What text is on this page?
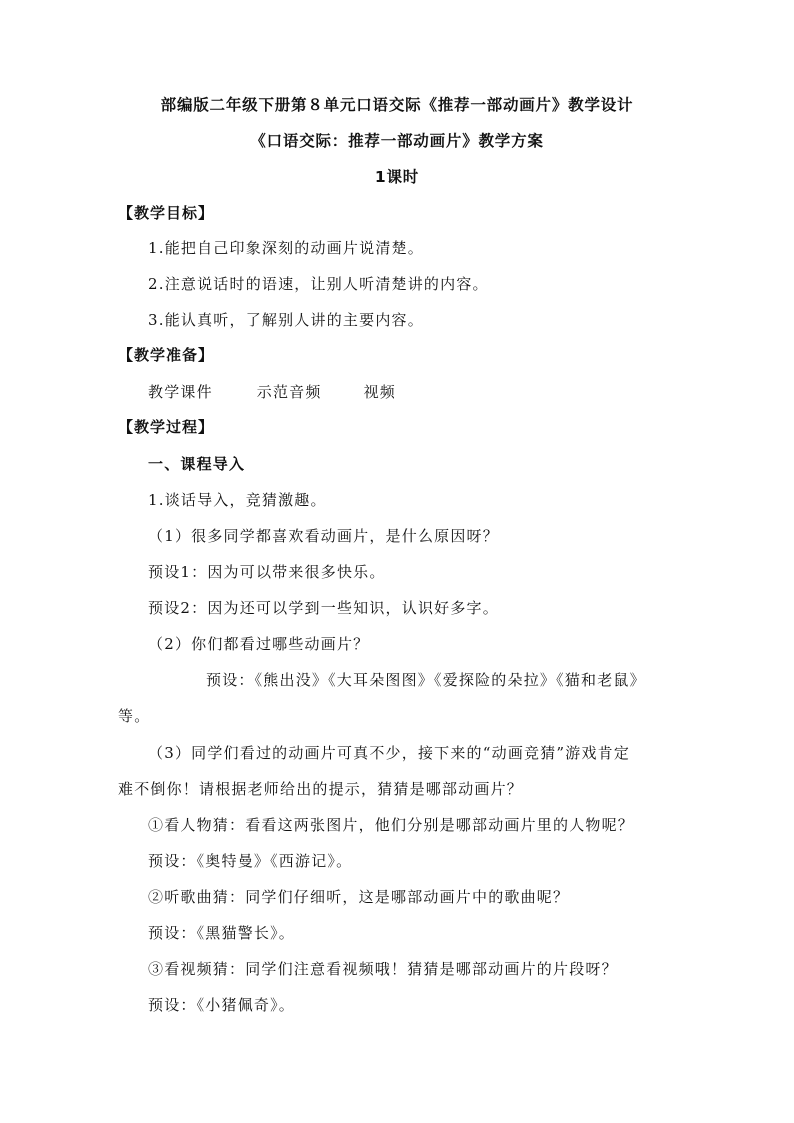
部编版二年级下册第８单元口语交际《推荐一部动画片》教学设计
《口语交际：推荐一部动画片》教学方案
1课时
【教学目标】
1.能把自己印象深刻的动画片说清楚。
2.注意说话时的语速，让别人听清楚讲的内容。
3.能认真听，了解别人讲的主要内容。
【教学准备】
教学课件	示范音频	视频
【教学过程】
一、课程导入
1.谈话导入，竞猜激趣。
（1）很多同学都喜欢看动画片，是什么原因呀？
预设1：因为可以带来很多快乐。
预设2：因为还可以学到一些知识，认识好多字。
（2）你们都看过哪些动画片？
预设：《熊出没》《大耳朵图图》《爱探险的朵拉》《猫和老鼠》
等。
（3）同学们看过的动画片可真不少，接下来的“动画竞猜”游戏肯定
难不倒你！请根据老师给出的提示，猜猜是哪部动画片？
①看人物猜：看看这两张图片，他们分别是哪部动画片里的人物呢？
预设：《奥特曼》《西游记》。
②听歌曲猜：同学们仔细听，这是哪部动画片中的歌曲呢？
预设：《黑猫警长》。
③看视频猜：同学们注意看视频哦！猜猜是哪部动画片的片段呀？
预设：《小猪佩奇》。
